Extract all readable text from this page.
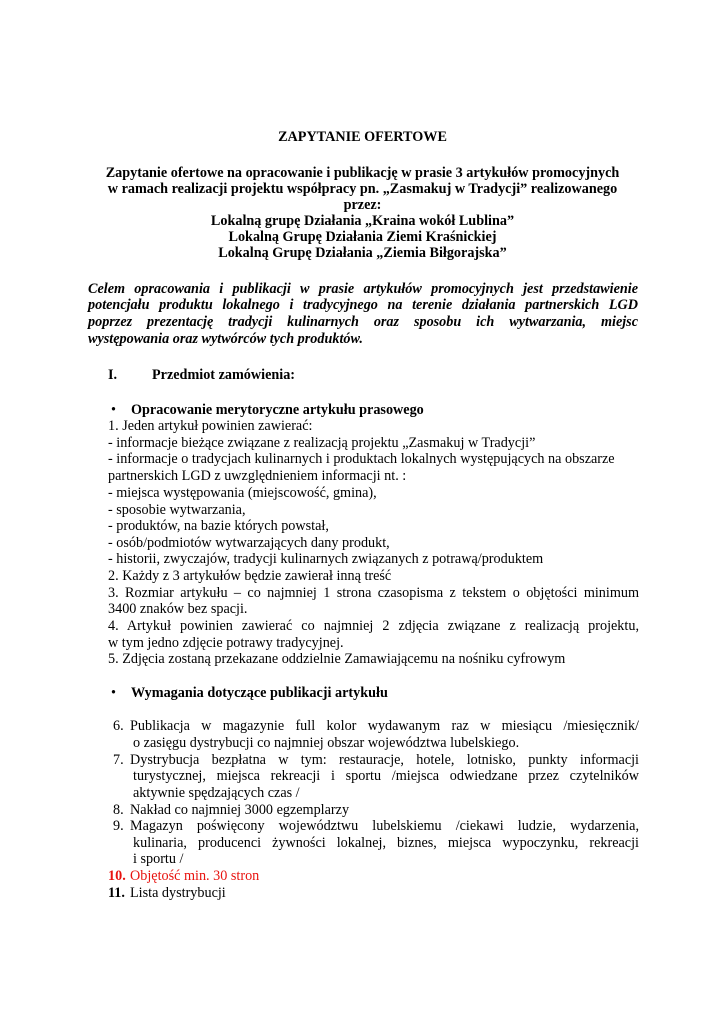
ZAPYTANIE OFERTOWE
Zapytanie ofertowe na opracowanie i publikację w prasie 3 artykułów promocyjnych
w ramach realizacji projektu współpracy pn. „Zasmakuj w Tradycji” realizowanego
przez:
Lokalną grupę Działania „Kraina wokół Lublina”
Lokalną Grupę Działania Ziemi Kraśnickiej
Lokalną Grupę Działania „Ziemia Biłgorajska”
Celem opracowania i publikacji w prasie artykułów promocyjnych jest przedstawienie
potencjału produktu lokalnego i tradycyjnego na terenie działania partnerskich LGD
poprzez prezentację tradycji kulinarnych oraz sposobu ich wytwarzania, miejsc
występowania oraz wytwórców tych produktów.
I. Przedmiot zamówienia:
• Opracowanie merytoryczne artykułu prasowego
1. Jeden artykuł powinien zawierać:
- informacje bieżące związane z realizacją projektu „Zasmakuj w Tradycji”
- informacje o tradycjach kulinarnych i produktach lokalnych występujących na obszarze
partnerskich LGD z uwzględnieniem informacji nt. :
- miejsca występowania (miejscowość, gmina),
- sposobie wytwarzania,
- produktów, na bazie których powstał,
- osób/podmiotów wytwarzających dany produkt,
- historii, zwyczajów, tradycji kulinarnych związanych z potrawą/produktem
2. Każdy z 3 artykułów będzie zawierał inną treść
3. Rozmiar artykułu – co najmniej 1 strona czasopisma z tekstem o objętości minimum
3400 znaków bez spacji.
4. Artykuł powinien zawierać co najmniej 2 zdjęcia związane z realizacją projektu,
w tym jedno zdjęcie potrawy tradycyjnej.
5. Zdjęcia zostaną przekazane oddzielnie Zamawiającemu na nośniku cyfrowym
• Wymagania dotyczące publikacji artykułu
6. Publikacja w magazynie full kolor wydawanym raz w miesiącu /miesięcznik/
o zasięgu dystrybucji co najmniej obszar województwa lubelskiego.
7. Dystrybucja bezpłatna w tym: restauracje, hotele, lotnisko, punkty informacji
turystycznej, miejsca rekreacji i sportu /miejsca odwiedzane przez czytelników
aktywnie spędzających czas /
8. Nakład co najmniej 3000 egzemplarzy
9. Magazyn poświęcony województwu lubelskiemu /ciekawi ludzie, wydarzenia,
kulinaria, producenci żywności lokalnej, biznes, miejsca wypoczynku, rekreacji
i sportu /
10. Objętość min. 30 stron
11. Lista dystrybucji
